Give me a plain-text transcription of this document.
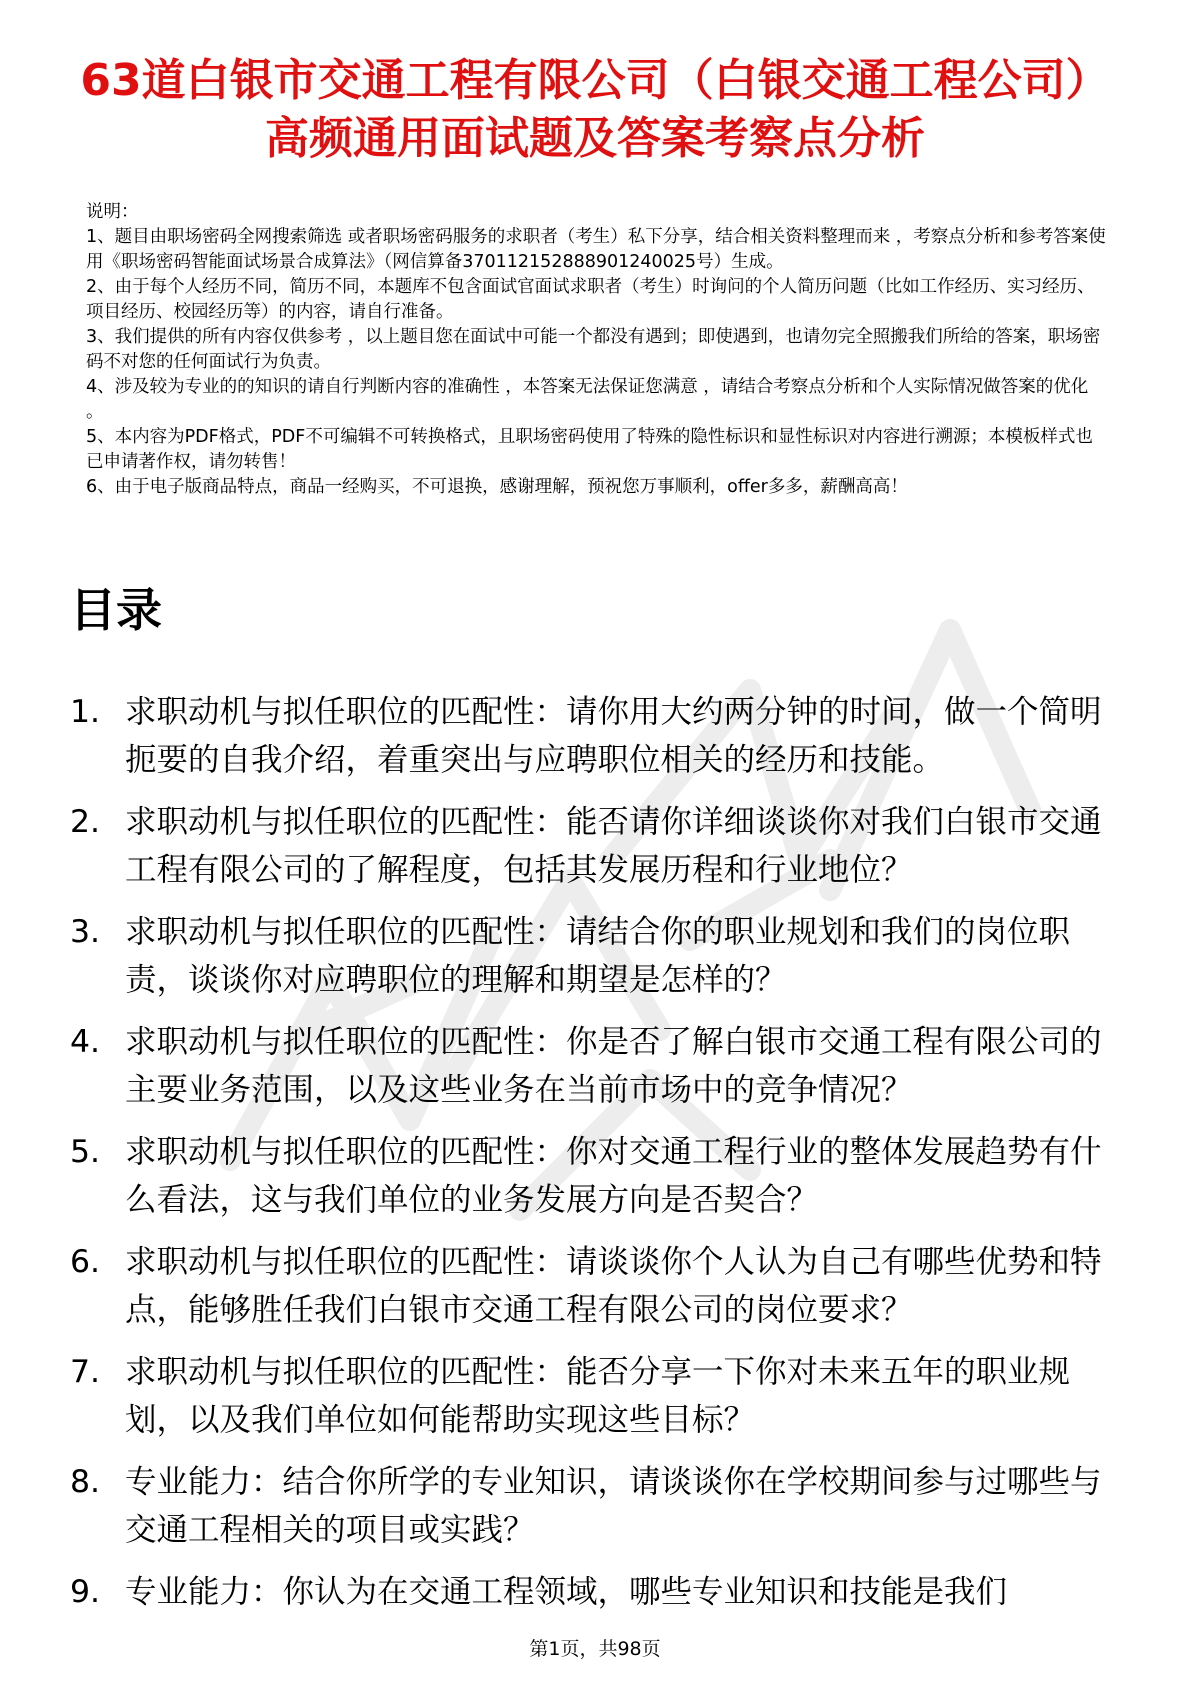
63道白银市交通工程有限公司（白银交通工程公司）高频通用面试题及答案考察点分析

说明：

1、题目由职场密码全网搜索筛选 或者职场密码服务的求职者（考生）私下分享，结合相关资料整理而来 ，考察点分析和参考答案使用《职场密码智能面试场景合成算法》（网信算备370112152888901240025号）生成。

2、由于每个人经历不同，简历不同，本题库不包含面试官面试求职者（考生）时询问的个人简历问题（比如工作经历、实习经历、项目经历、校园经历等）的内容，请自行准备。

3、我们提供的所有内容仅供参考 ，以上题目您在面试中可能一个都没有遇到；即使遇到，也请勿完全照搬我们所给的答案，职场密码不对您的任何面试行为负责。

4、涉及较为专业的的知识的请自行判断内容的准确性 ，本答案无法保证您满意 ，请结合考察点分析和个人实际情况做答案的优化 。

5、本内容为PDF格式，PDF不可编辑不可转换格式，且职场密码使用了特殊的隐性标识和显性标识对内容进行溯源；本模板样式也已申请著作权，请勿转售！

6、由于电子版商品特点，商品一经购买，不可退换，感谢理解，预祝您万事顺利，offer多多，薪酬高高！

目录
1. 求职动机与拟任职位的匹配性：请你用大约两分钟的时间，做一个简明扼要的自我介绍，着重突出与应聘职位相关的经历和技能。
2. 求职动机与拟任职位的匹配性：能否请你详细谈谈你对我们白银市交通工程有限公司的了解程度，包括其发展历程和行业地位？
3. 求职动机与拟任职位的匹配性：请结合你的职业规划和我们的岗位职责，谈谈你对应聘职位的理解和期望是怎样的？
4. 求职动机与拟任职位的匹配性：你是否了解白银市交通工程有限公司的主要业务范围，以及这些业务在当前市场中的竞争情况？
5. 求职动机与拟任职位的匹配性：你对交通工程行业的整体发展趋势有什么看法，这与我们单位的业务发展方向是否契合？
6. 求职动机与拟任职位的匹配性：请谈谈你个人认为自己有哪些优势和特点，能够胜任我们白银市交通工程有限公司的岗位要求？
7. 求职动机与拟任职位的匹配性：能否分享一下你对未来五年的职业规划，以及我们单位如何能帮助实现这些目标？
8. 专业能力：结合你所学的专业知识，请谈谈你在学校期间参与过哪些与交通工程相关的项目或实践？
9. 专业能力：你认为在交通工程领域，哪些专业知识和技能是我们
第1页，共98页
